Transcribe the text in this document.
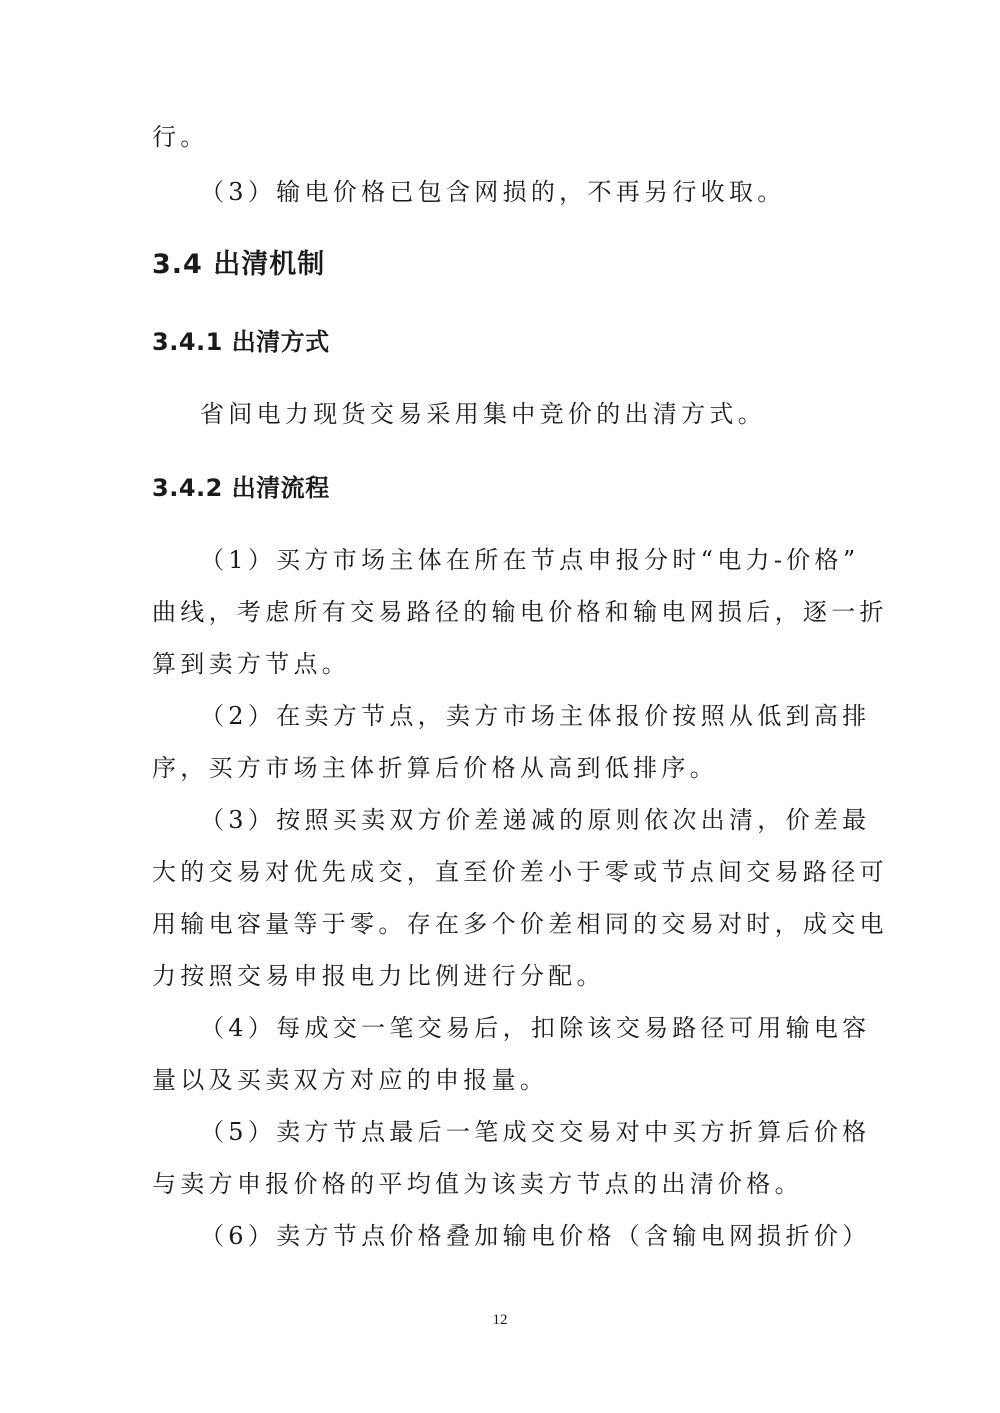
行。
（3）输电价格已包含网损的，不再另行收取。
3.4 出清机制
3.4.1 出清方式
省间电力现货交易采用集中竞价的出清方式。
3.4.2 出清流程
（1）买方市场主体在所在节点申报分时“电力-价格”
曲线，考虑所有交易路径的输电价格和输电网损后，逐一折
算到卖方节点。
（2）在卖方节点，卖方市场主体报价按照从低到高排
序，买方市场主体折算后价格从高到低排序。
（3）按照买卖双方价差递减的原则依次出清，价差最
大的交易对优先成交，直至价差小于零或节点间交易路径可
用输电容量等于零。存在多个价差相同的交易对时，成交电
力按照交易申报电力比例进行分配。
（4）每成交一笔交易后，扣除该交易路径可用输电容
量以及买卖双方对应的申报量。
（5）卖方节点最后一笔成交交易对中买方折算后价格
与卖方申报价格的平均值为该卖方节点的出清价格。
（6）卖方节点价格叠加输电价格（含输电网损折价）
12
